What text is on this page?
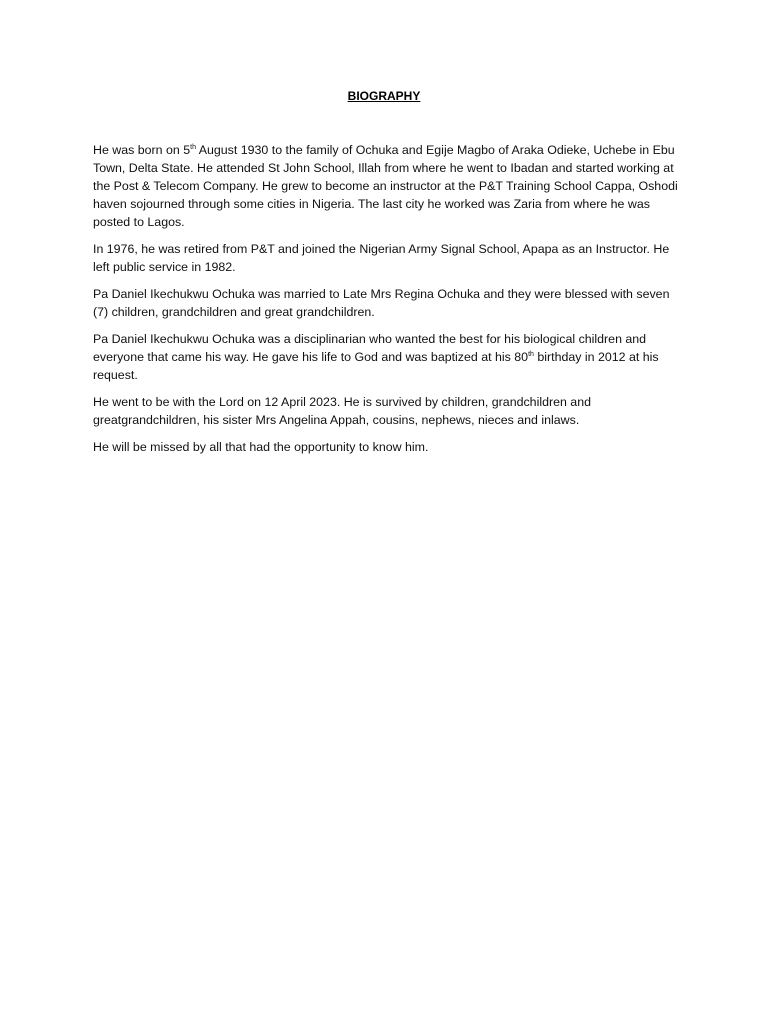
BIOGRAPHY

He was born on 5th August 1930 to the family of Ochuka and Egije Magbo of Araka Odieke, Uchebe in Ebu Town, Delta State. He attended St John School, Illah from where he went to Ibadan and started working at the Post & Telecom Company. He grew to become an instructor at the P&T Training School Cappa, Oshodi haven sojourned through some cities in Nigeria. The last city he worked was Zaria from where he was posted to Lagos.

In 1976, he was retired from P&T and joined the Nigerian Army Signal School, Apapa as an Instructor. He left public service in 1982.

Pa Daniel Ikechukwu Ochuka was married to Late Mrs Regina Ochuka and they were blessed with seven (7) children, grandchildren and great grandchildren.

Pa Daniel Ikechukwu Ochuka was a disciplinarian who wanted the best for his biological children and everyone that came his way. He gave his life to God and was baptized at his 80th birthday in 2012 at his request.

He went to be with the Lord on 12 April 2023. He is survived by children, grandchildren and greatgrandchildren, his sister Mrs Angelina Appah, cousins, nephews, nieces and inlaws.

He will be missed by all that had the opportunity to know him.
